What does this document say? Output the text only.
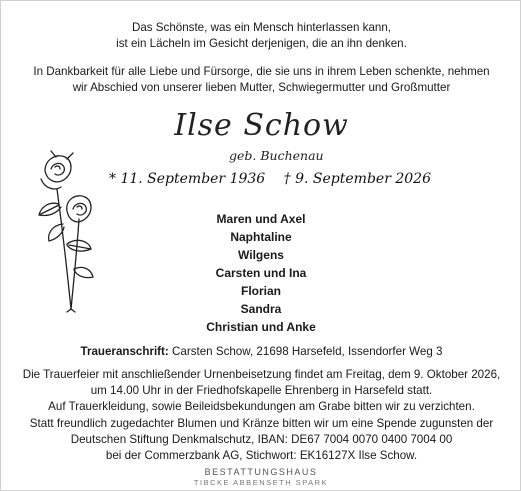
Das Schönste, was ein Mensch hinterlassen kann,
ist ein Lächeln im Gesicht derjenigen, die an ihn denken.
In Dankbarkeit für alle Liebe und Fürsorge, die sie uns in ihrem Leben schenkte, nehmen
wir Abschied von unserer lieben Mutter, Schwiegermutter und Großmutter
Ilse Schow
geb. Buchenau
* 11. September 1936 † 9. September 2026
Maren und Axel
Naphtaline
Wilgens
Carsten und Ina
Florian
Sandra
Christian und Anke
Traueranschrift: Carsten Schow, 21698 Harsefeld, Issendorfer Weg 3
Die Trauerfeier mit anschließender Urnenbeisetzung findet am Freitag, dem 9. Oktober 2026,
um 14.00 Uhr in der Friedhofskapelle Ehrenberg in Harsefeld statt.
Auf Trauerkleidung, sowie Beileidsbekundungen am Grabe bitten wir zu verzichten.
Statt freundlich zugedachter Blumen und Kränze bitten wir um eine Spende zugunsten der
Deutschen Stiftung Denkmalschutz, IBAN: DE67 7004 0070 0400 7004 00
bei der Commerzbank AG, Stichwort: EK16127X Ilse Schow.
BESTATTUNGSHAUS
TIBCKE ABBENSETH SPARK
